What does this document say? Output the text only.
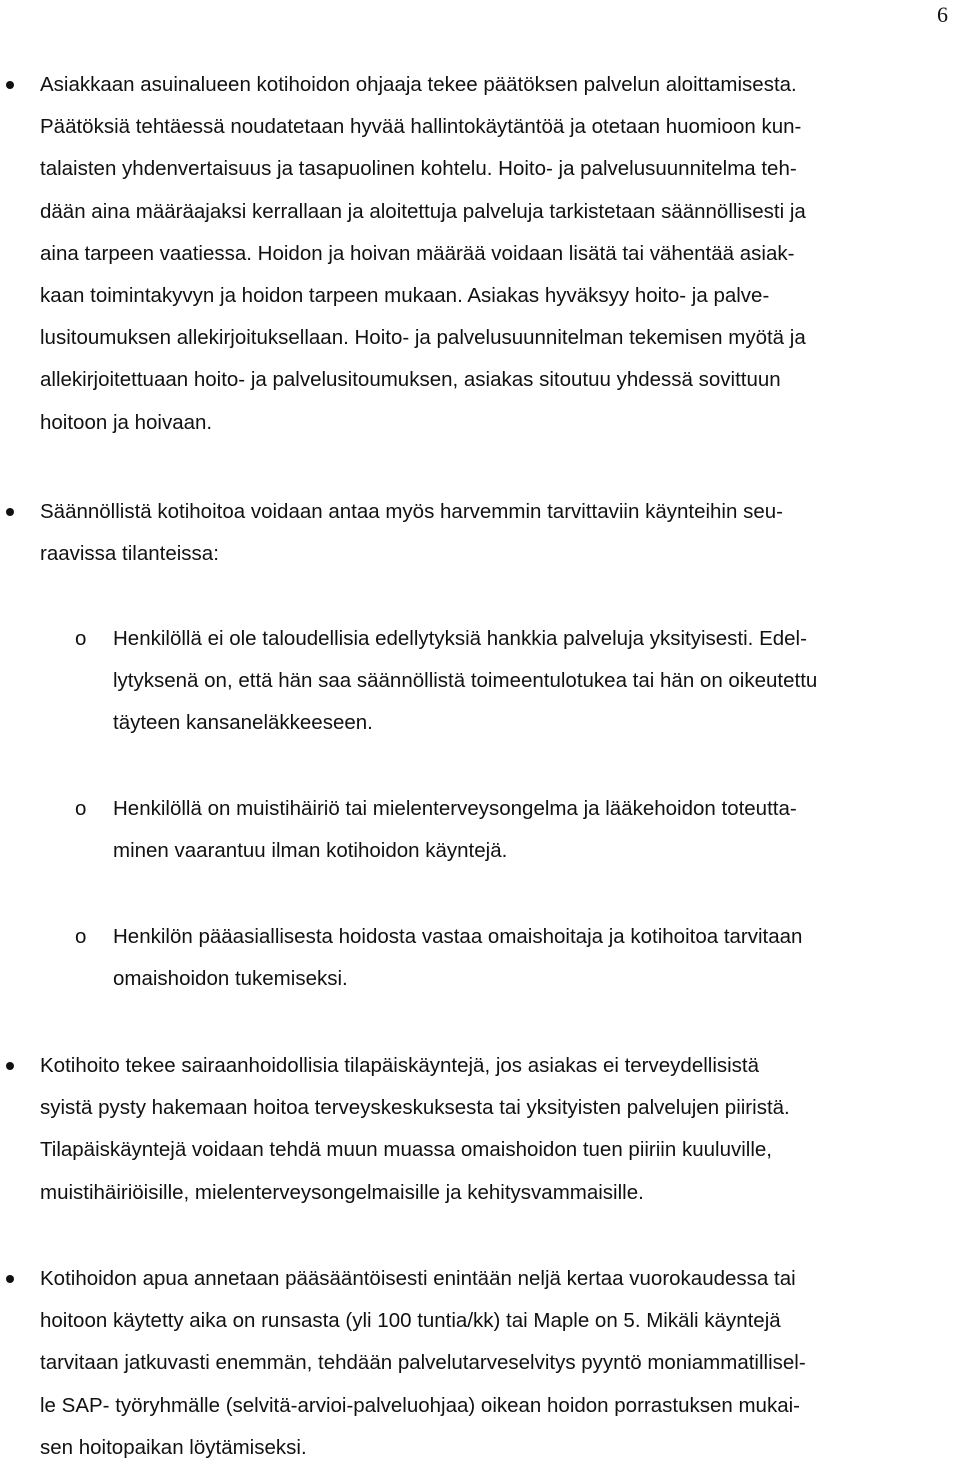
6
Asiakkaan asuinalueen kotihoidon ohjaaja tekee päätöksen palvelun aloittamisesta.
Päätöksiä tehtäessä noudatetaan hyvää hallintokäytäntöä ja otetaan huomioon kun-
talaisten yhdenvertaisuus ja tasapuolinen kohtelu. Hoito- ja palvelusuunnitelma teh-
dään aina määräajaksi kerrallaan ja aloitettuja palveluja tarkistetaan säännöllisesti ja
aina tarpeen vaatiessa. Hoidon ja hoivan määrää voidaan lisätä tai vähentää asiak-
kaan toimintakyvyn ja hoidon tarpeen mukaan. Asiakas hyväksyy hoito- ja palve-
lusitoumuksen allekirjoituksellaan. Hoito- ja palvelusuunnitelman tekemisen myötä ja
allekirjoitettuaan hoito- ja palvelusitoumuksen, asiakas sitoutuu yhdessä sovittuun
hoitoon ja hoivaan.
Säännöllistä kotihoitoa voidaan antaa myös harvemmin tarvittaviin käynteihin seu-
raavissa tilanteissa:
o Henkilöllä ei ole taloudellisia edellytyksiä hankkia palveluja yksityisesti. Edel-
lytyksenä on, että hän saa säännöllistä toimeentulotukea tai hän on oikeutettu
täyteen kansaneläkkeeseen.
o Henkilöllä on muistihäiriö tai mielenterveysongelma ja lääkehoidon toteutta-
minen vaarantuu ilman kotihoidon käyntejä.
o Henkilön pääasiallisesta hoidosta vastaa omaishoitaja ja kotihoitoa tarvitaan
omaishoidon tukemiseksi.
Kotihoito tekee sairaanhoidollisia tilapäiskäyntejä, jos asiakas ei terveydellisistä
syistä pysty hakemaan hoitoa terveyskeskuksesta tai yksityisten palvelujen piiristä.
Tilapäiskäyntejä voidaan tehdä muun muassa omaishoidon tuen piiriin kuuluville,
muistihäiriöisille, mielenterveysongelmaisille ja kehitysvammaisille.
Kotihoidon apua annetaan pääsääntöisesti enintään neljä kertaa vuorokaudessa tai
hoitoon käytetty aika on runsasta (yli 100 tuntia/kk) tai Maple on 5. Mikäli käyntejä
tarvitaan jatkuvasti enemmän, tehdään palvelutarveselvitys pyyntö moniammatillisel-
le SAP- työryhmälle (selvitä-arvioi-palveluohjaa) oikean hoidon porrastuksen mukai-
sen hoitopaikan löytämiseksi.
